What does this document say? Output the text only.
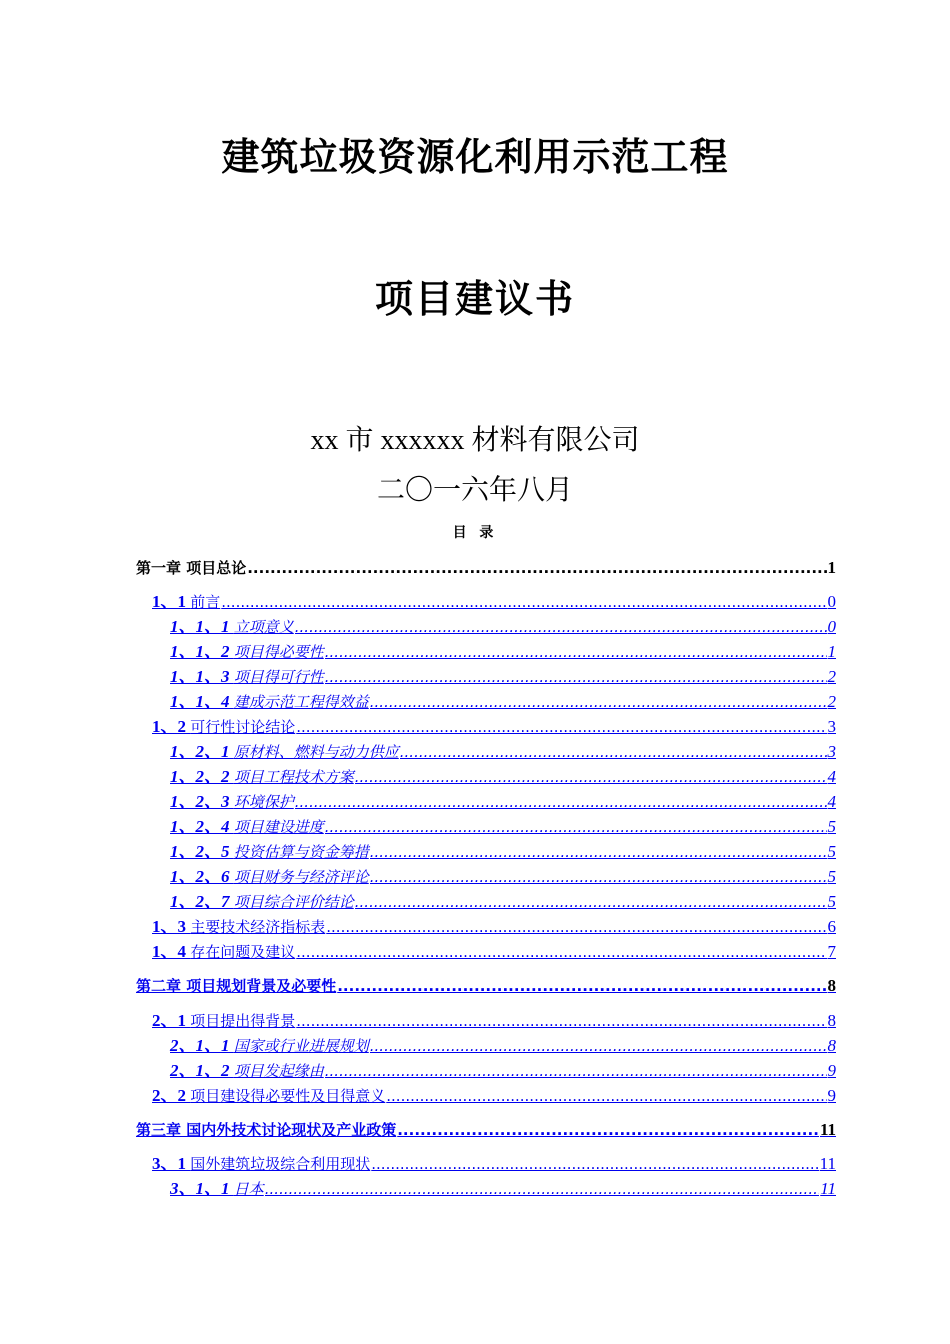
建筑垃圾资源化利用示范工程
项目建议书
xx 市 xxxxxx 材料有限公司
二〇一六年八月
目 录
第一章 项目总论 .....	1
1、1 前言 .....	0
1、1、1 立项意义 .....	0
1、1、2 项目得必要性 .....	1
1、1、3 项目得可行性 .....	2
1、1、4 建成示范工程得效益 .....	2
1、2 可行性讨论结论 .....	3
1、2、1 原材料、燃料与动力供应 .....	3
1、2、2 项目工程技术方案 .....	4
1、2、3 环境保护 .....	4
1、2、4 项目建设进度 .....	5
1、2、5 投资估算与资金筹措 .....	5
1、2、6 项目财务与经济评论 .....	5
1、2、7 项目综合评价结论 .....	5
1、3 主要技术经济指标表 .....	6
1、4 存在问题及建议 .....	7
第二章 项目规划背景及必要性 .....	8
2、1 项目提出得背景 .....	8
2、1、1 国家或行业进展规划 .....	8
2、1、2 项目发起缘由 .....	9
2、2 项目建设得必要性及目得意义 .....	9
第三章 国内外技术讨论现状及产业政策 .....	11
3、1 国外建筑垃圾综合利用现状 .....	11
3、1、1 日本 .....	11
